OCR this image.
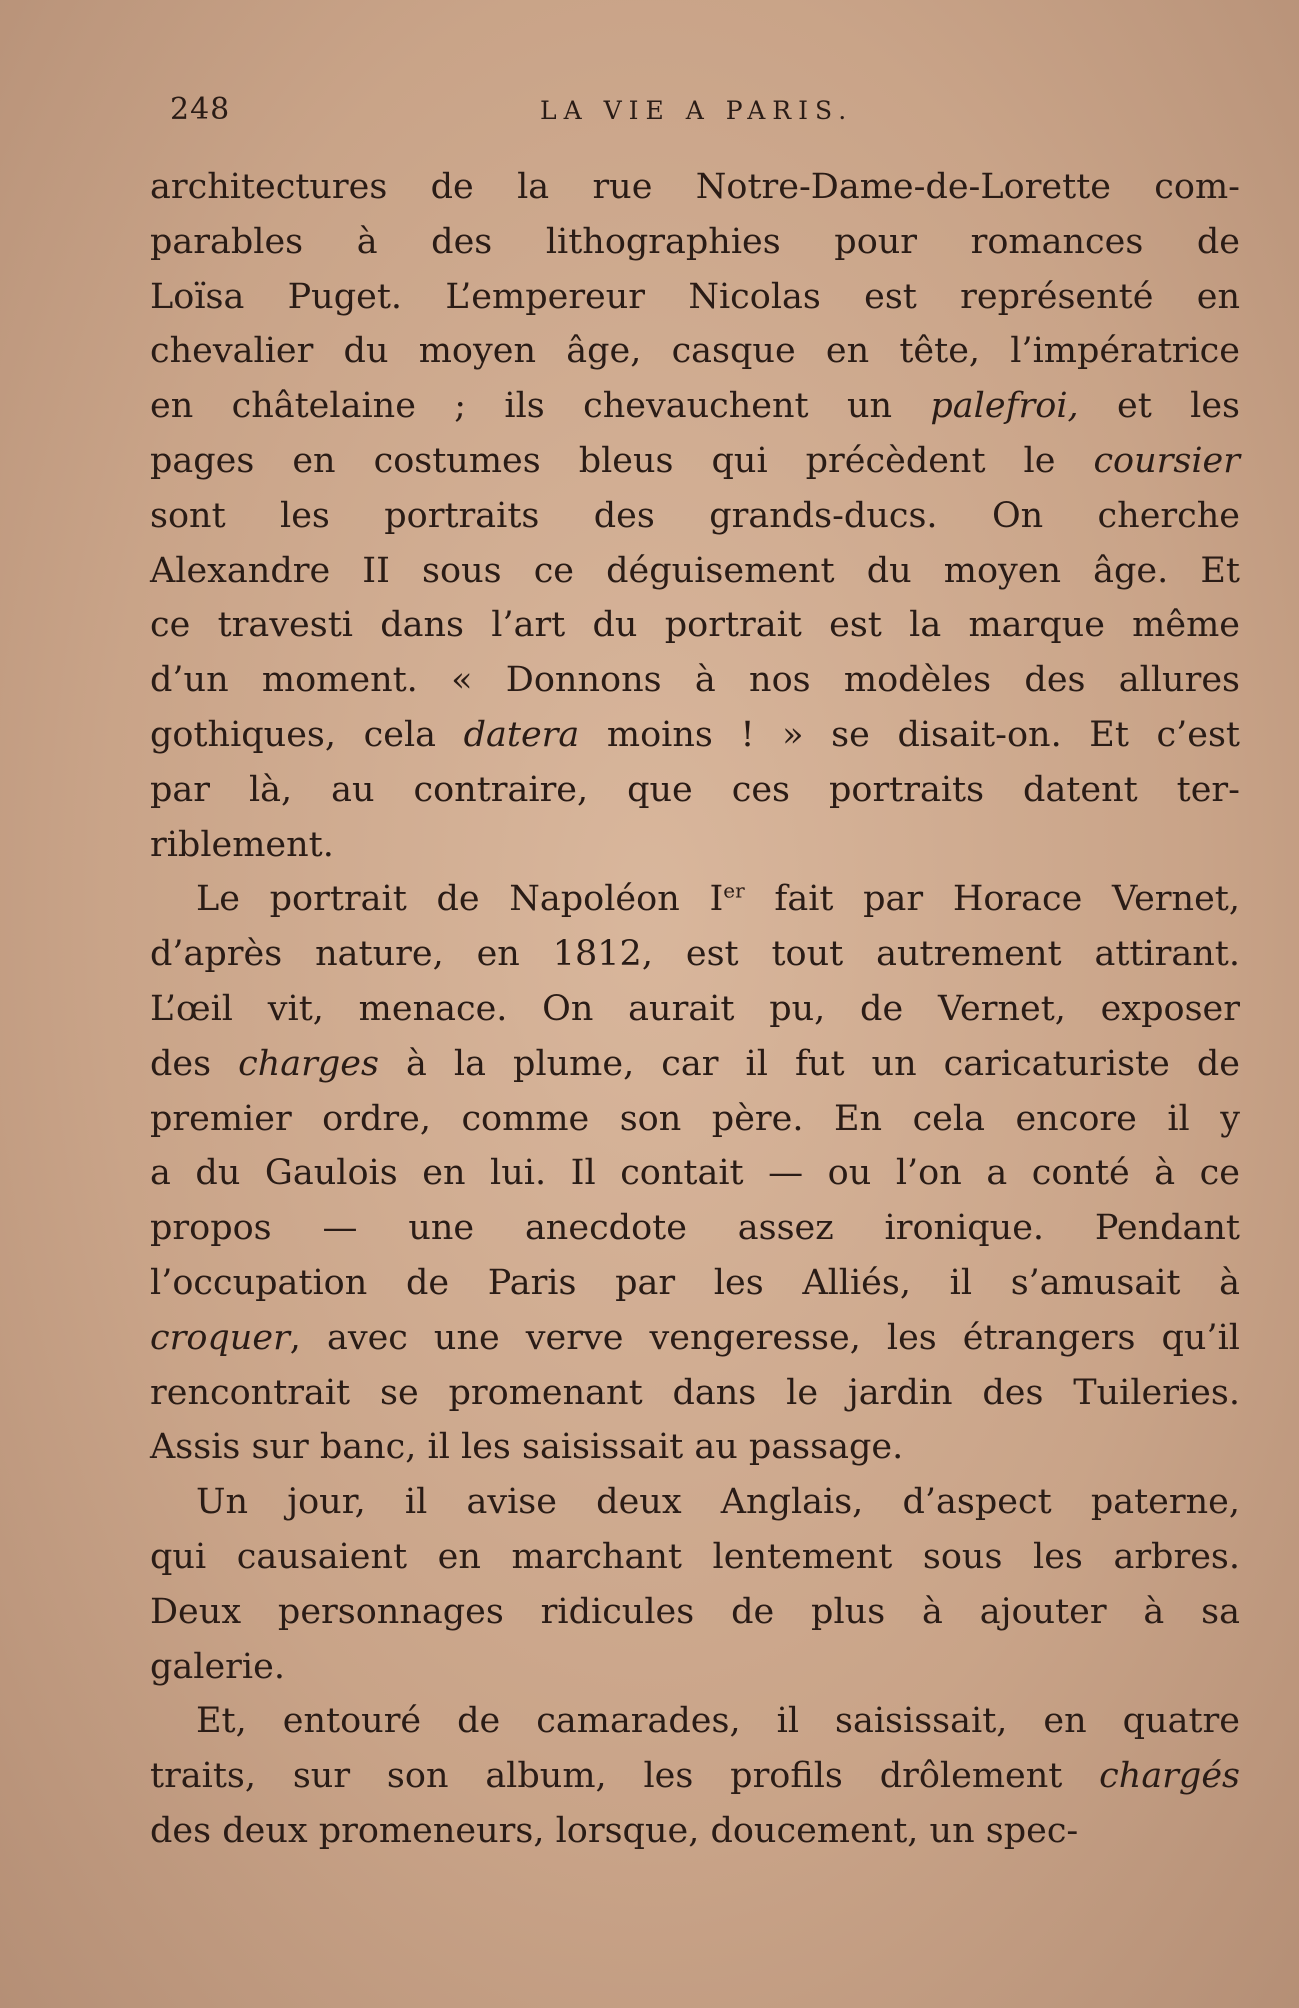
248	LA VIE A PARIS.
architectures de la rue Notre-Dame-de-Lorette com-
parables à des lithographies pour romances de
Loïsa Puget. L’empereur Nicolas est représenté en
chevalier du moyen âge, casque en tête, l’impératrice
en châtelaine ; ils chevauchent un palefroi, et les
pages en costumes bleus qui précèdent le coursier
sont les portraits des grands-ducs. On cherche
Alexandre II sous ce déguisement du moyen âge. Et
ce travesti dans l’art du portrait est la marque même
d’un moment. « Donnons à nos modèles des allures
gothiques, cela datera moins ! » se disait-on. Et c’est
par là, au contraire, que ces portraits datent ter-
riblement.
Le portrait de Napoléon Ier fait par Horace Vernet,
d’après nature, en 1812, est tout autrement attirant.
L’œil vit, menace. On aurait pu, de Vernet, exposer
des charges à la plume, car il fut un caricaturiste de
premier ordre, comme son père. En cela encore il y
a du Gaulois en lui. Il contait — ou l’on a conté à ce
propos — une anecdote assez ironique. Pendant
l’occupation de Paris par les Alliés, il s’amusait à
croquer, avec une verve vengeresse, les étrangers qu’il
rencontrait se promenant dans le jardin des Tuileries.
Assis sur banc, il les saisissait au passage.
Un jour, il avise deux Anglais, d’aspect paterne,
qui causaient en marchant lentement sous les arbres.
Deux personnages ridicules de plus à ajouter à sa
galerie.
Et, entouré de camarades, il saisissait, en quatre
traits, sur son album, les profils drôlement chargés
des deux promeneurs, lorsque, doucement, un spec-
